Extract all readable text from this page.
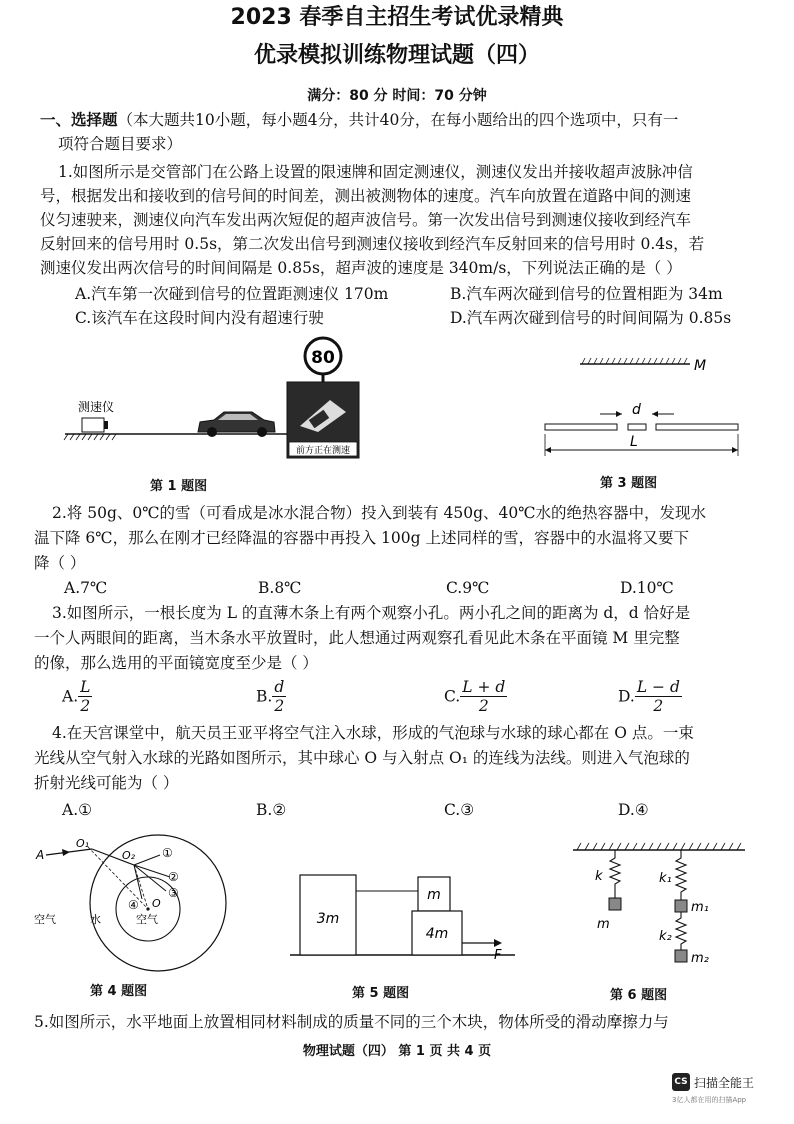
2023 春季自主招生考试优录精典
优录模拟训练物理试题（四）
满分：80 分 时间：70 分钟
一、选择题（本大题共10小题，每小题4分，共计40分，在每小题给出的四个选项中，只有一
项符合题目要求）
1.如图所示是交管部门在公路上设置的限速牌和固定测速仪，测速仪发出并接收超声波脉冲信
号，根据发出和接收到的信号间的时间差，测出被测物体的速度。汽车向放置在道路中间的测速
仪匀速驶来，测速仪向汽车发出两次短促的超声波信号。第一次发出信号到测速仪接收到经汽车
反射回来的信号用时 0.5s，第二次发出信号到测速仪接收到经汽车反射回来的信号用时 0.4s，若
测速仪发出两次信号的时间间隔是 0.85s，超声波的速度是 340m/s，下列说法正确的是（ ）
A.汽车第一次碰到信号的位置距测速仪 170m	B.汽车两次碰到信号的位置相距为 34m
C.该汽车在这段时间内没有超速行驶	D.汽车两次碰到信号的时间间隔为 0.85s
80
前方正在测速
测速仪
第 1 题图
M
d
L
第 3 题图
2.将 50g、0℃的雪（可看成是冰水混合物）投入到装有 450g、40℃水的绝热容器中，发现水
温下降 6℃，那么在刚才已经降温的容器中再投入 100g 上述同样的雪，容器中的水温将又要下
降（ ）
A.7℃	B.8℃	C.9℃	D.10℃
3.如图所示，一根长度为 L 的直薄木条上有两个观察小孔。两小孔之间的距离为 d，d 恰好是
一个人两眼间的距离，当木条水平放置时，此人想通过两观察孔看见此木条在平面镜 M 里完整
的像，那么选用的平面镜宽度至少是（ ）
A. $\frac{L}{2}$	B. $\frac{d}{2}$	C. $\frac{L + d}{2}$	D. $\frac{L - d}{2}$
4.在天宫课堂中，航天员王亚平将空气注入水球，形成的气泡球与水球的球心都在 O 点。一束
光线从空气射入水球的光路如图所示，其中球心 O 与入射点 O₁ 的连线为法线。则进入气泡球的
折射光线可能为（ ）
A.①	B.②	C.③	D.④
A
O₁
O₂ ①
②
③
④ O
空气	水	空气
第 4 题图
3m
m
4m
F
第 5 题图
k
m
k₁
m₁
k₂
m₂
第 6 题图
5.如图所示，水平地面上放置相同材料制成的质量不同的三个木块，物体所受的滑动摩擦力与
物理试题（四） 第 1 页 共 4 页
CS 扫描全能王
3亿人都在用的扫描App
